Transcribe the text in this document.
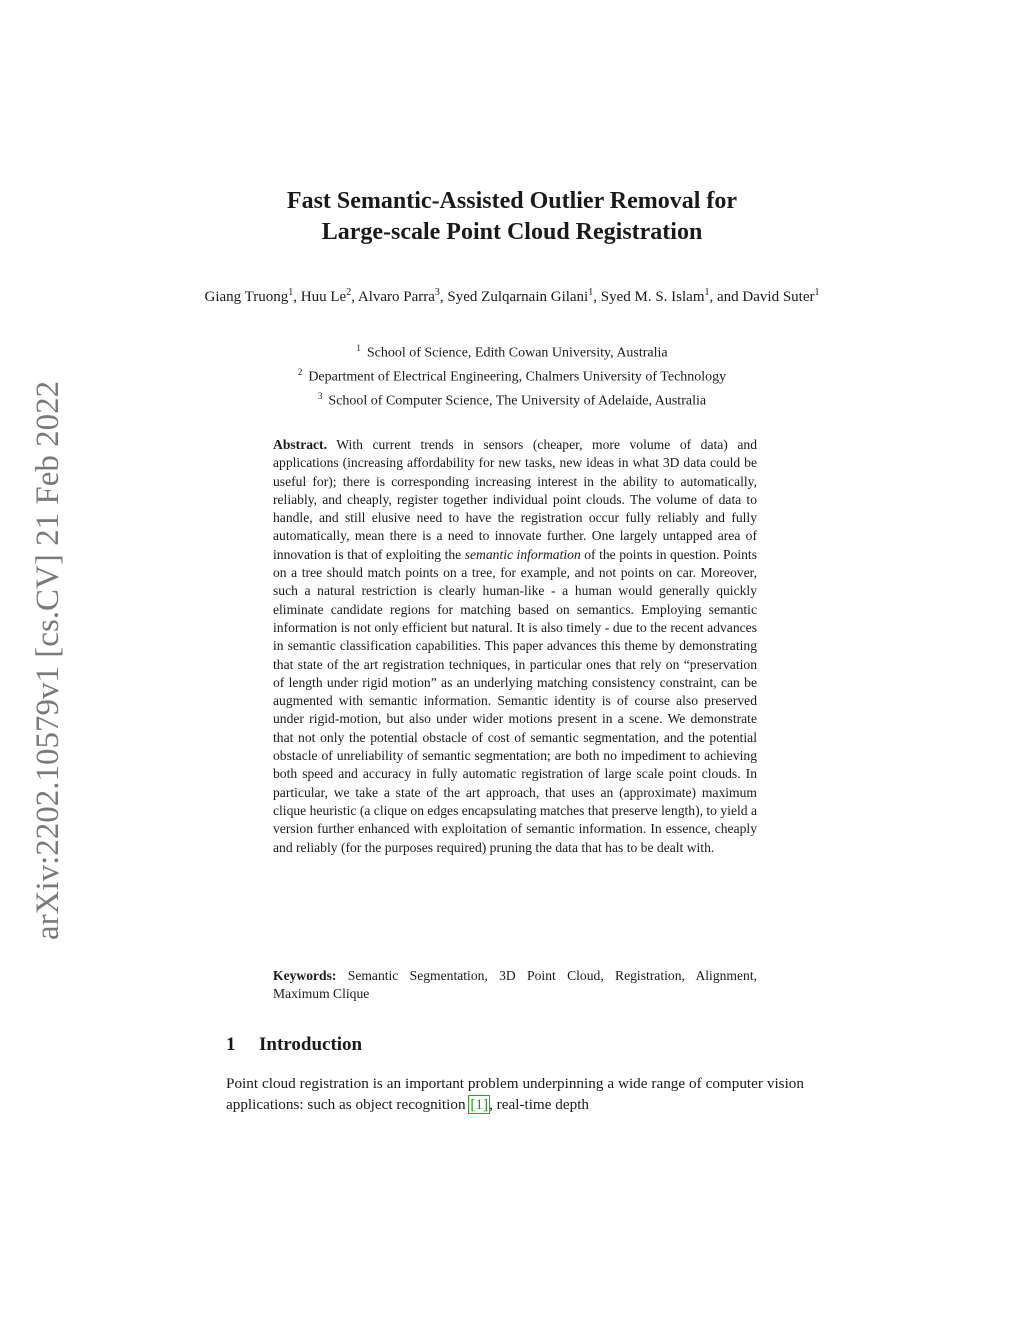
arXiv:2202.10579v1 [cs.CV] 21 Feb 2022
Fast Semantic-Assisted Outlier Removal for
Large-scale Point Cloud Registration
Giang Truong$^1$, Huu Le$^2$, Alvaro Parra$^3$, Syed Zulqarnain Gilani$^1$, Syed M. S. Islam$^1$, and David Suter$^1$
$^1$ School of Science, Edith Cowan University, Australia
$^2$ Department of Electrical Engineering, Chalmers University of Technology
$^3$ School of Computer Science, The University of Adelaide, Australia

Abstract. With current trends in sensors (cheaper, more volume of data) and applications (increasing affordability for new tasks, new ideas in what 3D data could be useful for); there is corresponding increasing interest in the ability to automatically, reliably, and cheaply, register together individual point clouds. The volume of data to handle, and still elusive need to have the registration occur fully reliably and fully automatically, mean there is a need to innovate further. One largely untapped area of innovation is that of exploiting the semantic information of the points in question. Points on a tree should match points on a tree, for example, and not points on car. Moreover, such a natural restriction is clearly human-like - a human would generally quickly eliminate candidate regions for matching based on semantics. Employing semantic information is not only efficient but natural. It is also timely - due to the recent advances in semantic classification capabilities. This paper advances this theme by demonstrating that state of the art registration techniques, in particular ones that rely on “preservation of length under rigid motion” as an underlying matching consistency constraint, can be augmented with semantic information. Semantic identity is of course also preserved under rigid-motion, but also under wider motions present in a scene. We demonstrate that not only the potential obstacle of cost of semantic segmentation, and the potential obstacle of unreliability of semantic segmentation; are both no impediment to achieving both speed and accuracy in fully automatic registration of large scale point clouds. In particular, we take a state of the art approach, that uses an (approximate) maximum clique heuristic (a clique on edges encapsulating matches that preserve length), to yield a version further enhanced with exploitation of semantic information. In essence, cheaply and reliably (for the purposes required) pruning the data that has to be dealt with.

Keywords: Semantic Segmentation, 3D Point Cloud, Registration, Alignment, Maximum Clique

1 Introduction

Point cloud registration is an important problem underpinning a wide range of computer vision applications: such as object recognition [1], real-time depth
